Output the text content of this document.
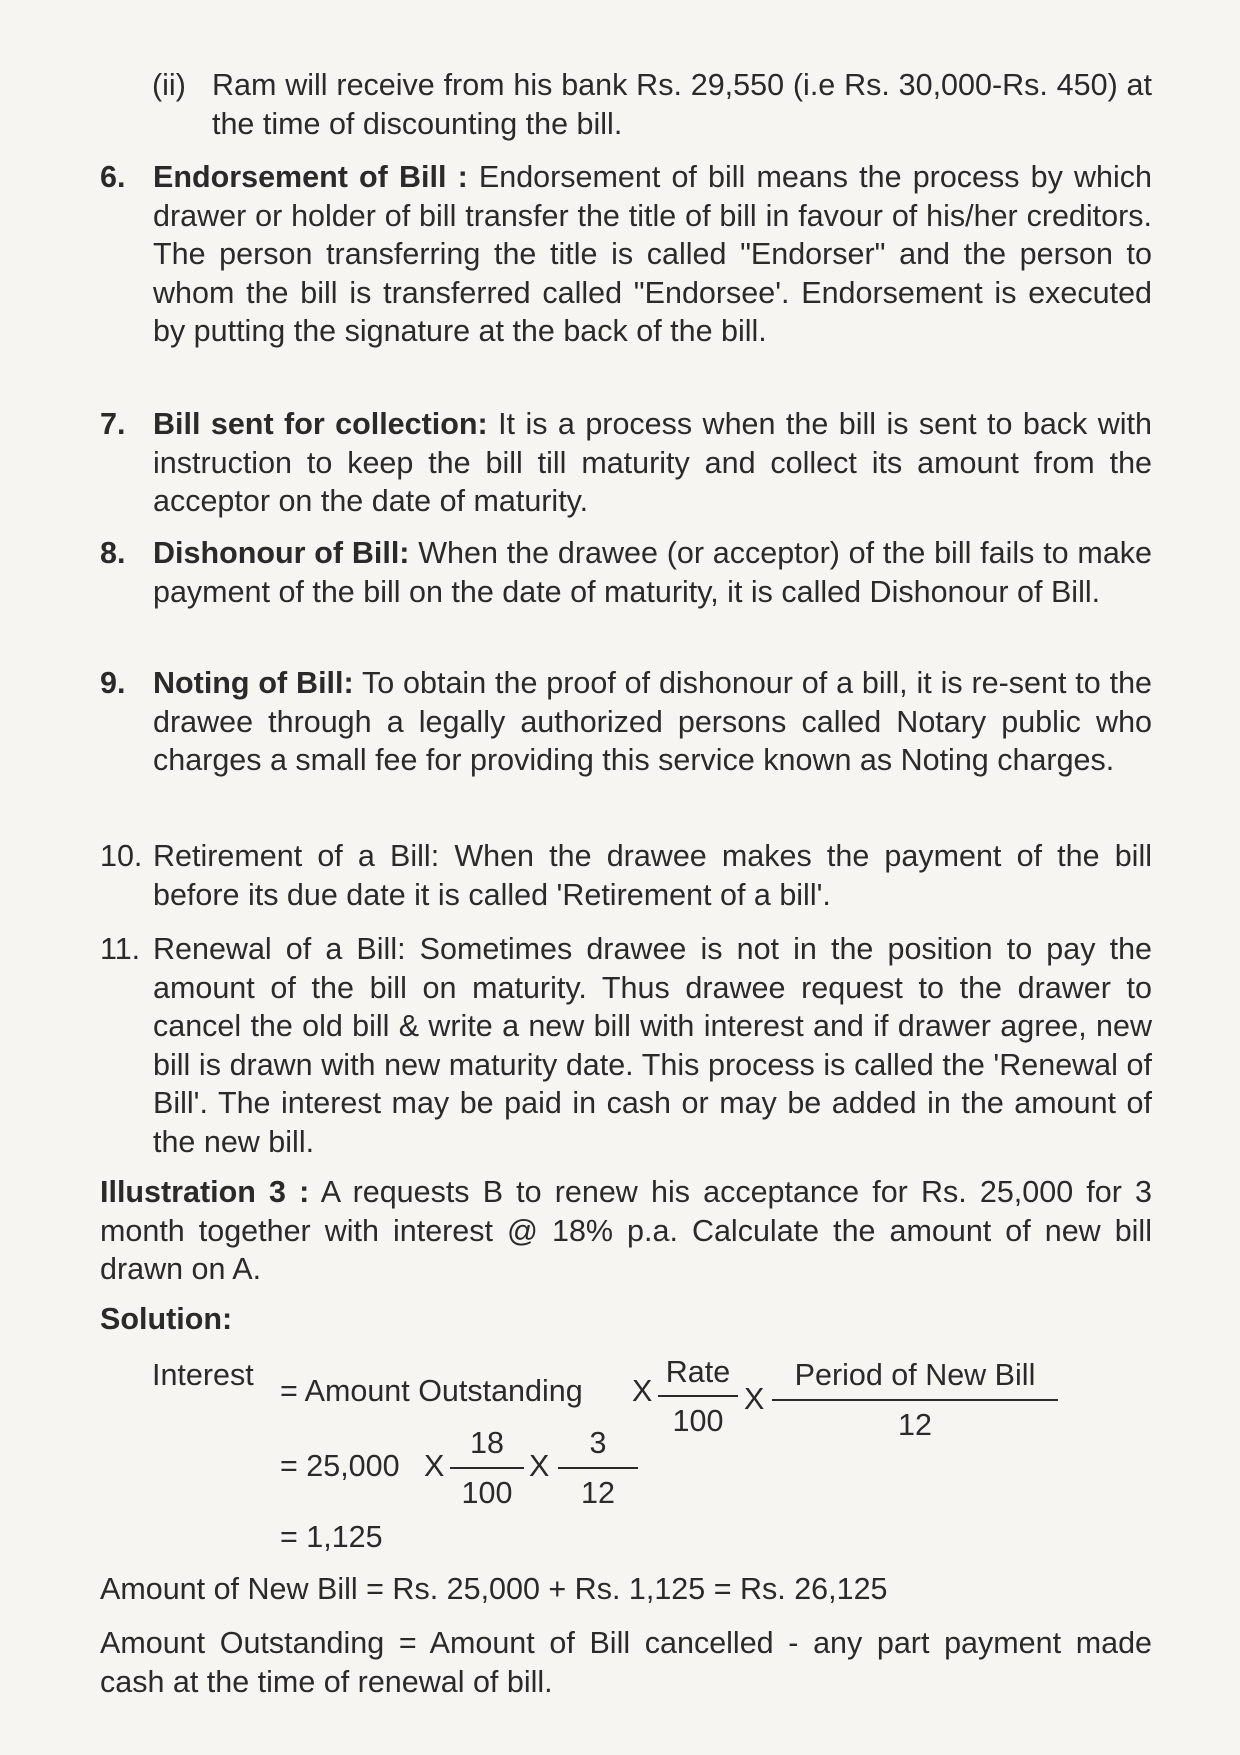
(ii) Ram will receive from his bank Rs. 29,550 (i.e Rs. 30,000-Rs. 450) at the time of discounting the bill.
6. Endorsement of Bill : Endorsement of bill means the process by which drawer or holder of bill transfer the title of bill in favour of his/her creditors. The person transferring the title is called "Endorser" and the person to whom the bill is transferred called "Endorsee'. Endorsement is executed by putting the signature at the back of the bill.
7. Bill sent for collection: It is a process when the bill is sent to back with instruction to keep the bill till maturity and collect its amount from the acceptor on the date of maturity.
8. Dishonour of Bill: When the drawee (or acceptor) of the bill fails to make payment of the bill on the date of maturity, it is called Dishonour of Bill.
9. Noting of Bill: To obtain the proof of dishonour of a bill, it is re-sent to the drawee through a legally authorized persons called Notary public who charges a small fee for providing this service known as Noting charges.
10. Retirement of a Bill: When the drawee makes the payment of the bill before its due date it is called 'Retirement of a bill'.
11. Renewal of a Bill: Sometimes drawee is not in the position to pay the amount of the bill on maturity. Thus drawee request to the drawer to cancel the old bill & write a new bill with interest and if drawer agree, new bill is drawn with new maturity date. This process is called the 'Renewal of Bill'. The interest may be paid in cash or may be added in the amount of the new bill.
Illustration 3 : A requests B to renew his acceptance for Rs. 25,000 for 3 month together with interest @ 18% p.a. Calculate the amount of new bill drawn on A.
Solution:
Interest = Amount Outstanding X
Rate
100
X
Period of New Bill
12
= 25,000 X
18
100
X
3
12
= 1,125
Amount of New Bill = Rs. 25,000 + Rs. 1,125 = Rs. 26,125
Amount Outstanding = Amount of Bill cancelled - any part payment made cash at the time of renewal of bill.
